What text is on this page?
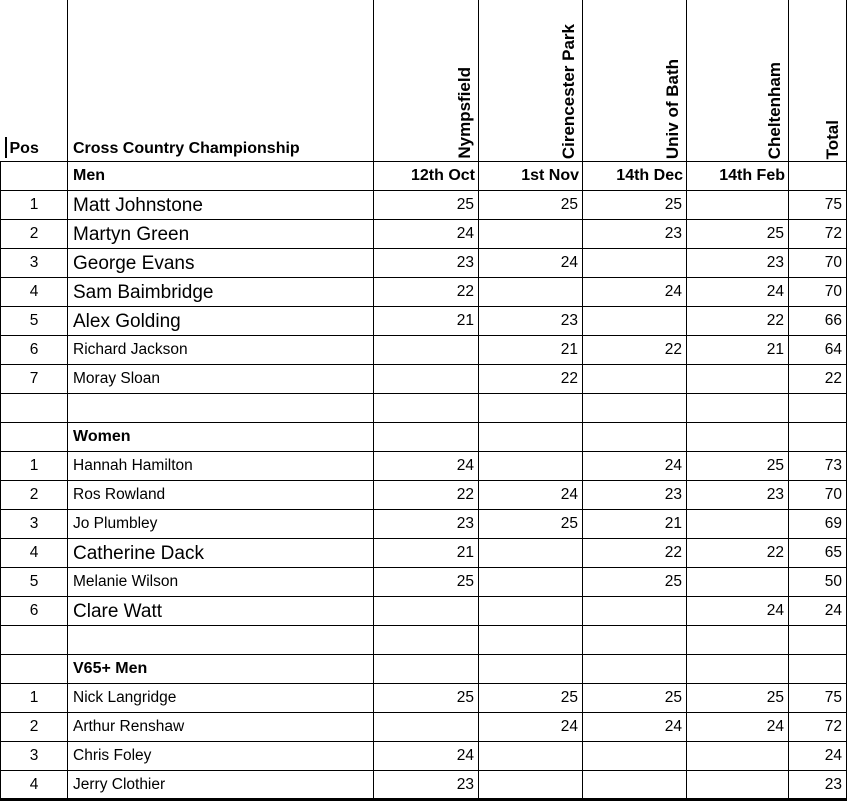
Pos	Cross Country Championship	Nympsfield	Cirencester Park	Univ of Bath	Cheltenham	Total

	Men	12th Oct	1st Nov	14th Dec	14th Feb	
1	Matt Johnstone	25	25	25		75
2	Martyn Green	24		23	25	72
3	George Evans	23	24		23	70
4	Sam Baimbridge	22		24	24	70
5	Alex Golding	21	23		22	66
6	Richard Jackson		21	22	21	64
7	Moray Sloan		22			22

	Women					
1	Hannah Hamilton	24		24	25	73
2	Ros Rowland	22	24	23	23	70
3	Jo Plumbley	23	25	21		69
4	Catherine Dack	21		22	22	65
5	Melanie Wilson	25		25		50
6	Clare Watt				24	24

	V65+ Men					
1	Nick Langridge	25	25	25	25	75
2	Arthur Renshaw		24	24	24	72
3	Chris Foley	24				24
4	Jerry Clothier	23				23
